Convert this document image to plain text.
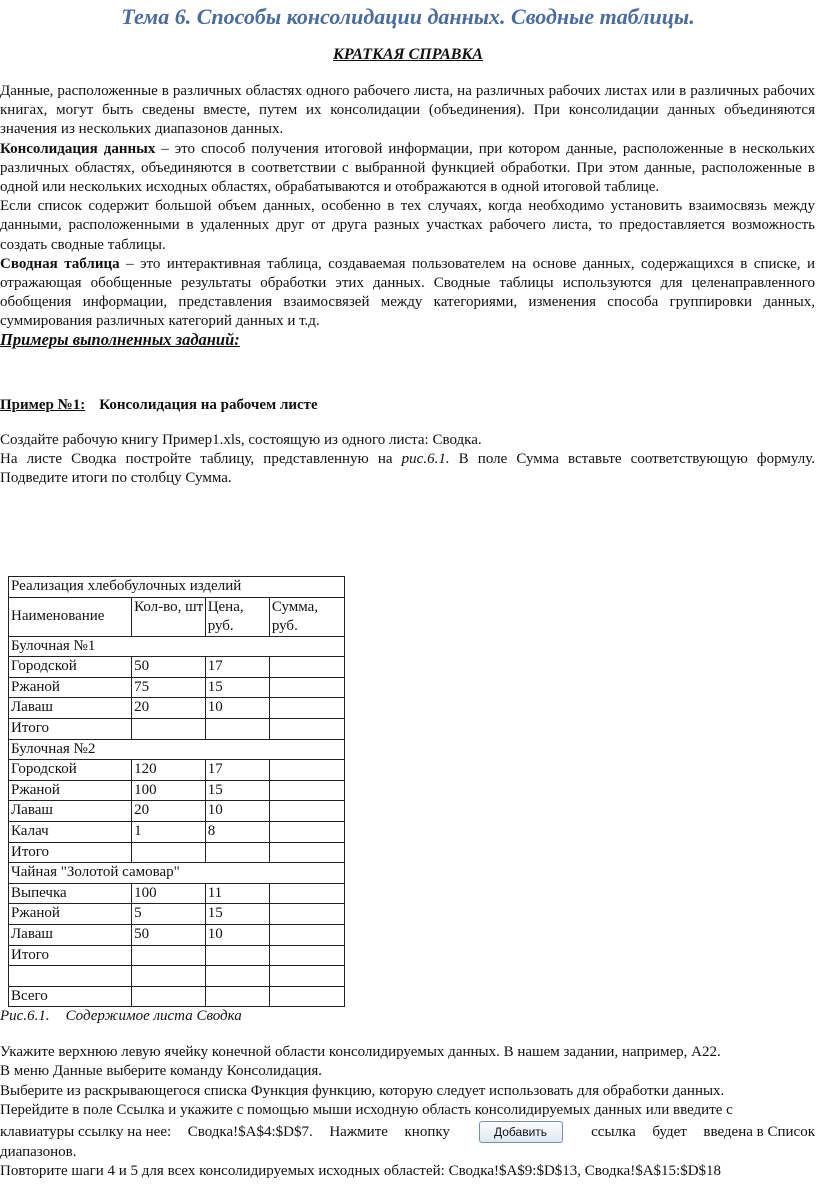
Тема 6. Способы консолидации данных. Сводные таблицы.
КРАТКАЯ СПРАВКА

Данные, расположенные в различных областях одного рабочего листа, на различных рабочих листах или в различных рабочих книгах, могут быть сведены вместе, путем их консолидации (объединения). При консолидации данных объединяются значения из нескольких диапазонов данных.

Консолидация данных – это способ получения итоговой информации, при котором данные, расположенные в нескольких различных областях, объединяются в соответствии с выбранной функцией обработки. При этом данные, расположенные в одной или нескольких исходных областях, обрабатываются и отображаются в одной итоговой таблице.

Если список содержит большой объем данных, особенно в тех случаях, когда необходимо установить взаимосвязь между данными, расположенными в удаленных друг от друга разных участках рабочего листа, то предоставляется возможность создать сводные таблицы.

Сводная таблица – это интерактивная таблица, создаваемая пользователем на основе данных, содержащихся в списке, и отражающая обобщенные результаты обработки этих данных. Сводные таблицы используются для целенаправленного обобщения информации, представления взаимосвязей между категориями, изменения способа группировки данных, суммирования различных категорий данных и т.д.

Примеры выполненных заданий:
Пример №1: Консолидация на рабочем листе

Создайте рабочую книгу Пример1.xls, состоящую из одного листа: Сводка.

На листе Сводка постройте таблицу, представленную на рис.6.1. В поле Сумма вставьте соответствующую формулу. Подведите итоги по столбцу Сумма.

Реализация хлебобулочных изделий			
Наименование	Кол-во, шт	Цена, руб.	Сумма, руб.
Булочная №1			
Городской	50	17	
Ржаной	75	15	
Лаваш	20	10	
Итого			
Булочная №2			
Городской	120	17	
Ржаной	100	15	
Лаваш	20	10	
Калач	1	8	
Итого			
Чайная "Золотой самовар"			
Выпечка	100	11	
Ржаной	5	15	
Лаваш	50	10	
Итого			

Всего			
Рис.6.1. Содержимое листа Сводка

Укажите верхнюю левую ячейку конечной области консолидируемых данных. В нашем задании, например, А22.

В меню Данные выберите команду Консолидация.

Выберите из раскрывающегося списка Функция функцию, которую следует использовать для обработки данных.

Перейдите в поле Ссылка и укажите с помощью мыши исходную область консолидируемых данных или введите с

клавиатуры ссылку на нее: Сводка!$A$4:$D$7. Нажмите кнопку	Добавить	ссылка будет введена в Список

диапазонов.

Повторите шаги 4 и 5 для всех консолидируемых исходных областей: Сводка!$A$9:$D$13, Сводка!$A$15:$D$18
